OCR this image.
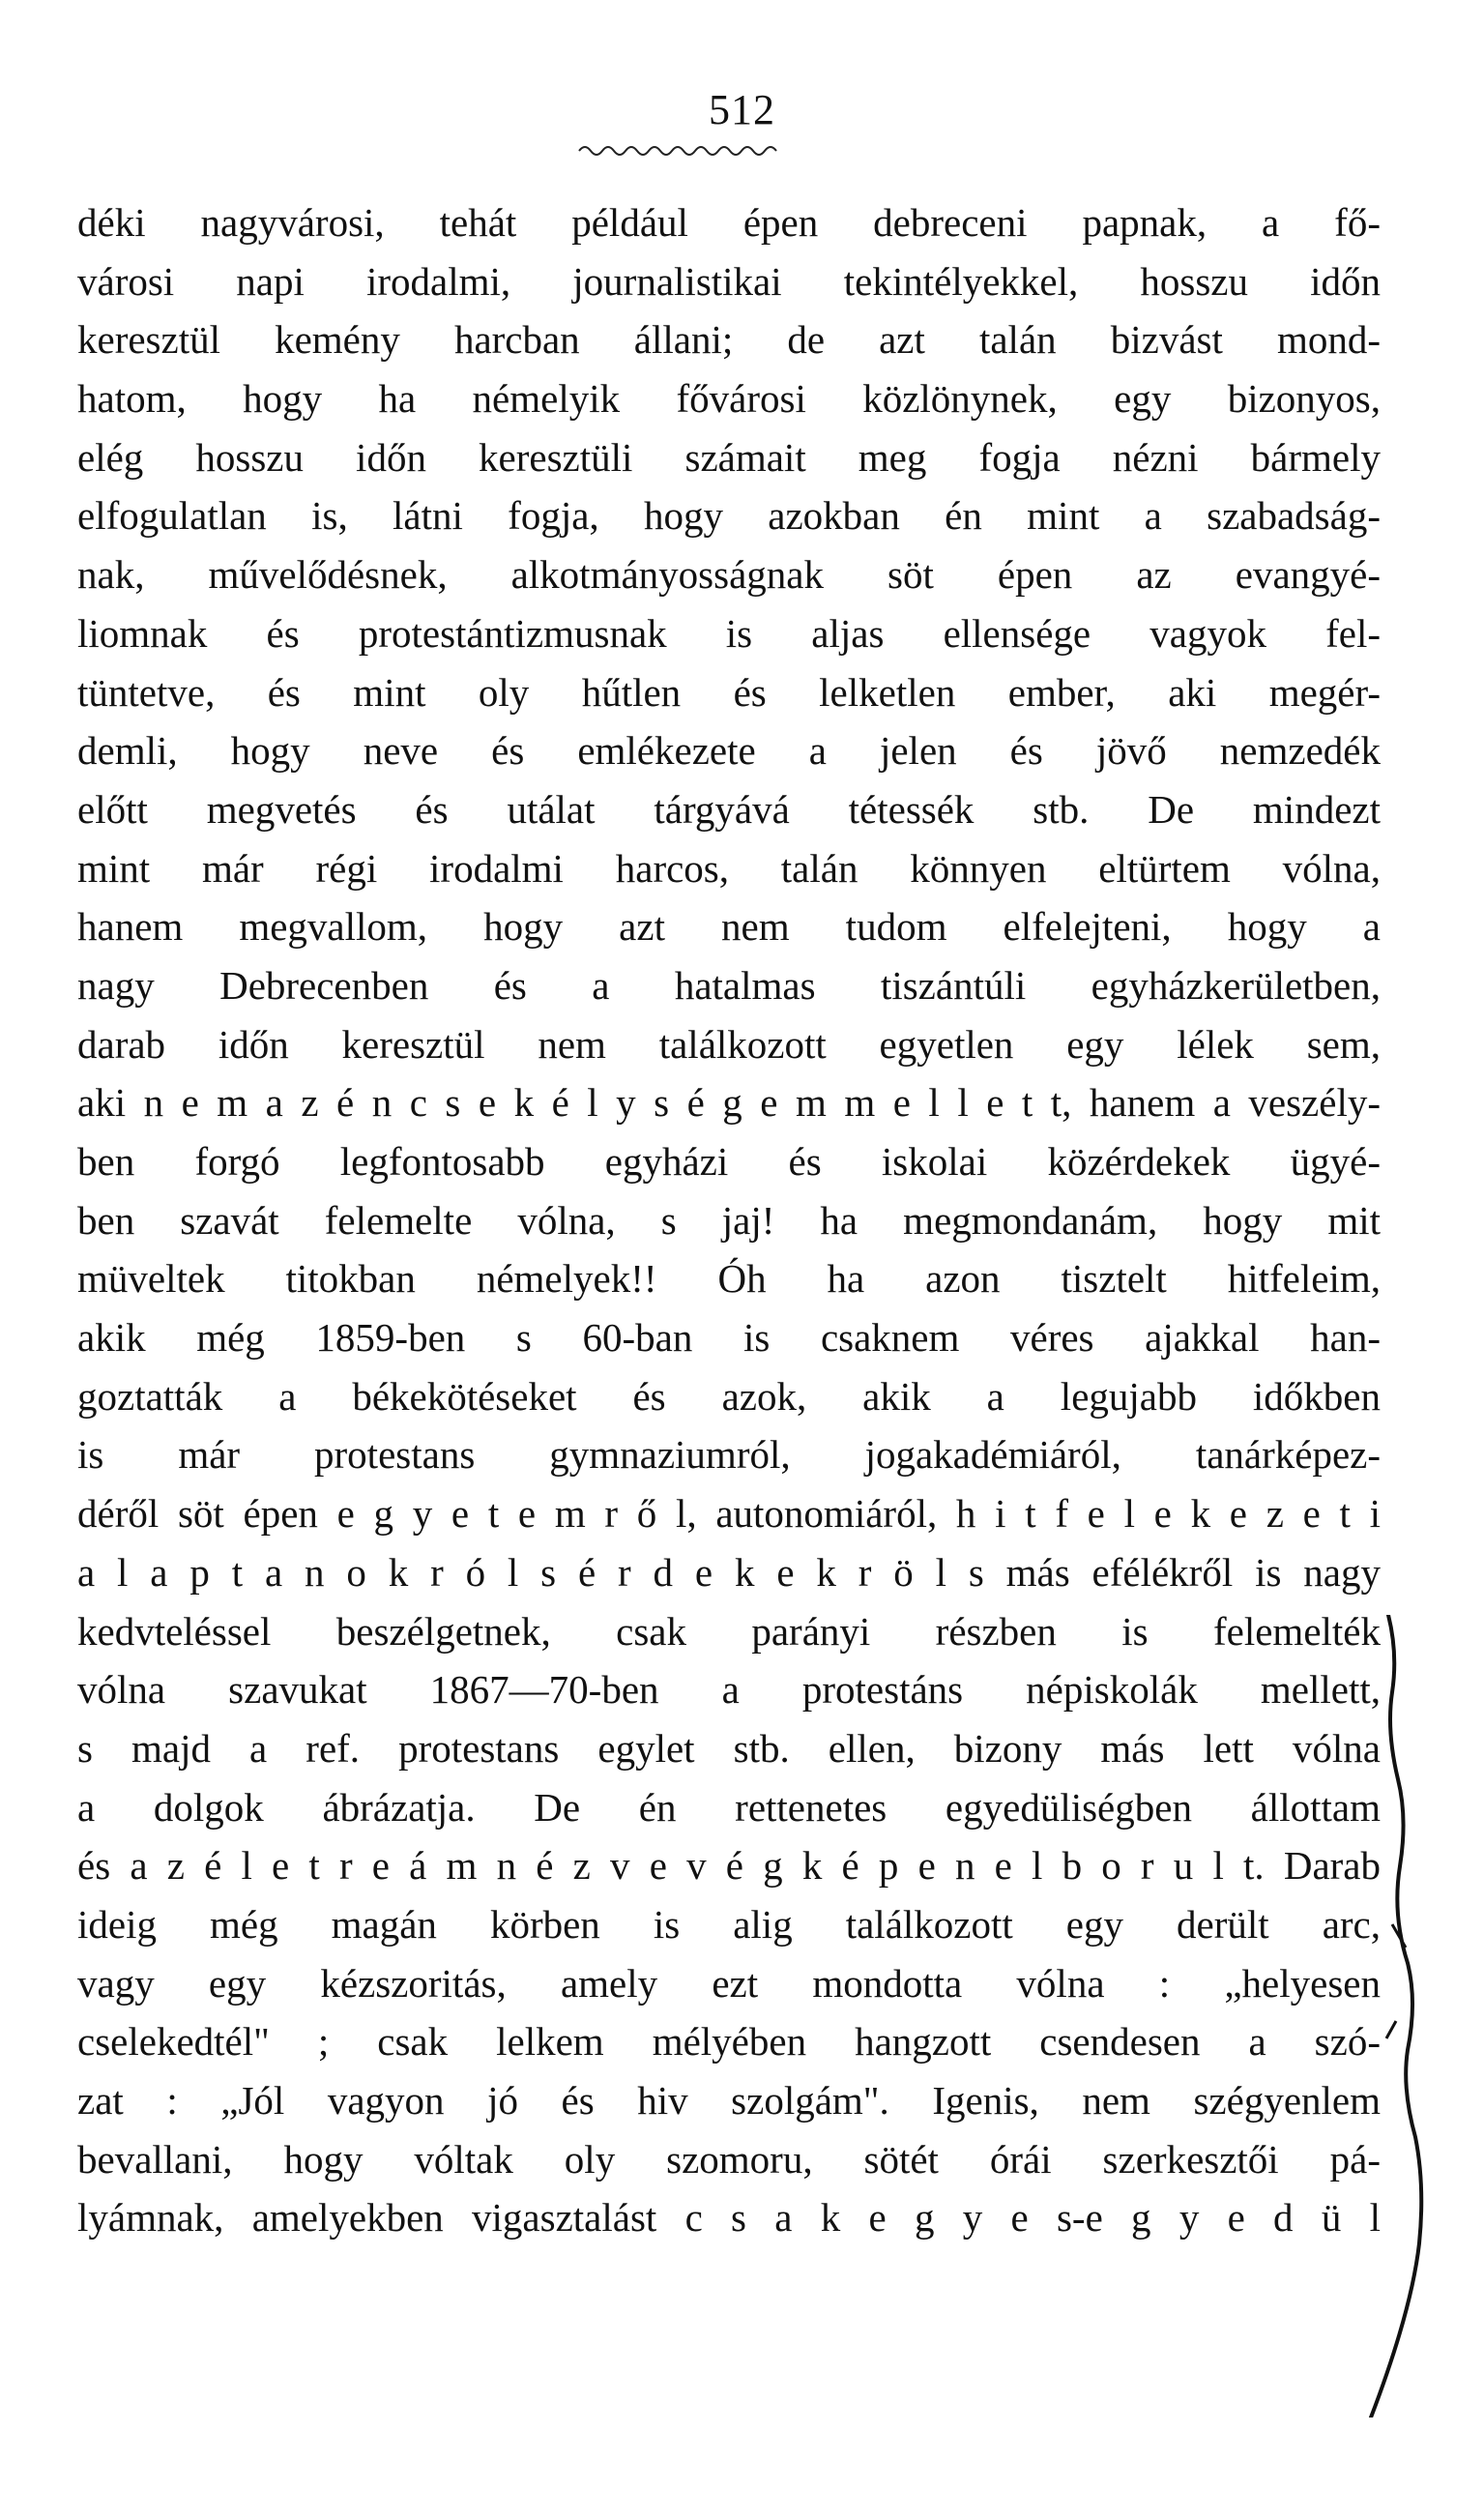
512
déki nagyvárosi, tehát például épen debreceni papnak, a fő-
városi napi irodalmi, journalistikai tekintélyekkel, hosszu időn
keresztül kemény harcban állani; de azt talán bizvást mond-
hatom, hogy ha némelyik fővárosi közlönynek, egy bizonyos,
elég hosszu időn keresztüli számait meg fogja nézni bármely
elfogulatlan is, látni fogja, hogy azokban én mint a szabadság-
nak, művelődésnek, alkotmányosságnak söt épen az evangyé-
liomnak és protestántizmusnak is aljas ellensége vagyok fel-
tüntetve, és mint oly hűtlen és lelketlen ember, aki megér-
demli, hogy neve és emlékezete a jelen és jövő nemzedék
előtt megvetés és utálat tárgyává tétessék stb. De mindezt
mint már régi irodalmi harcos, talán könnyen eltürtem vólna,
hanem megvallom, hogy azt nem tudom elfelejteni, hogy a
nagy Debrecenben és a hatalmas tiszántúli egyházkerületben,
darab időn keresztül nem találkozott egyetlen egy lélek sem,
aki n e m a z é n c s e k é l y s é g e m m e l l e t t, hanem a veszély-
ben forgó legfontosabb egyházi és iskolai közérdekek ügyé-
ben szavát felemelte vólna, s jaj! ha megmondanám, hogy mit
müveltek titokban némelyek!! Óh ha azon tisztelt hitfeleim,
akik még 1859-ben s 60-ban is csaknem véres ajakkal han-
goztatták a békekötéseket és azok, akik a legujabb időkben
is már protestans gymnaziumról, jogakadémiáról, tanárképez-
déről söt épen e g y e t e m r ő l, autonomiáról, h i t f e l e k e z e t i
a l a p t a n o k r ó l s é r d e k e k r ö l s más efélékről is nagy
kedvteléssel beszélgetnek, csak parányi részben is felemelték
vólna szavukat 1867—70-ben a protestáns népiskolák mellett,
s majd a ref. protestans egylet stb. ellen, bizony más lett vólna
a dolgok ábrázatja. De én rettenetes egyedüliségben állottam
és a z é l e t r e á m n é z v e v é g k é p e n e l b o r u l t. Darab
ideig még magán körben is alig találkozott egy derült arc,
vagy egy kézszoritás, amely ezt mondotta vólna : „helyesen
cselekedtél" ; csak lelkem mélyében hangzott csendesen a szó-
zat : „Jól vagyon jó és hiv szolgám". Igenis, nem szégyenlem
bevallani, hogy vóltak oly szomoru, sötét órái szerkesztői pá-
lyámnak, amelyekben vigasztalást c s a k e g y e s-e g y e d ü l
